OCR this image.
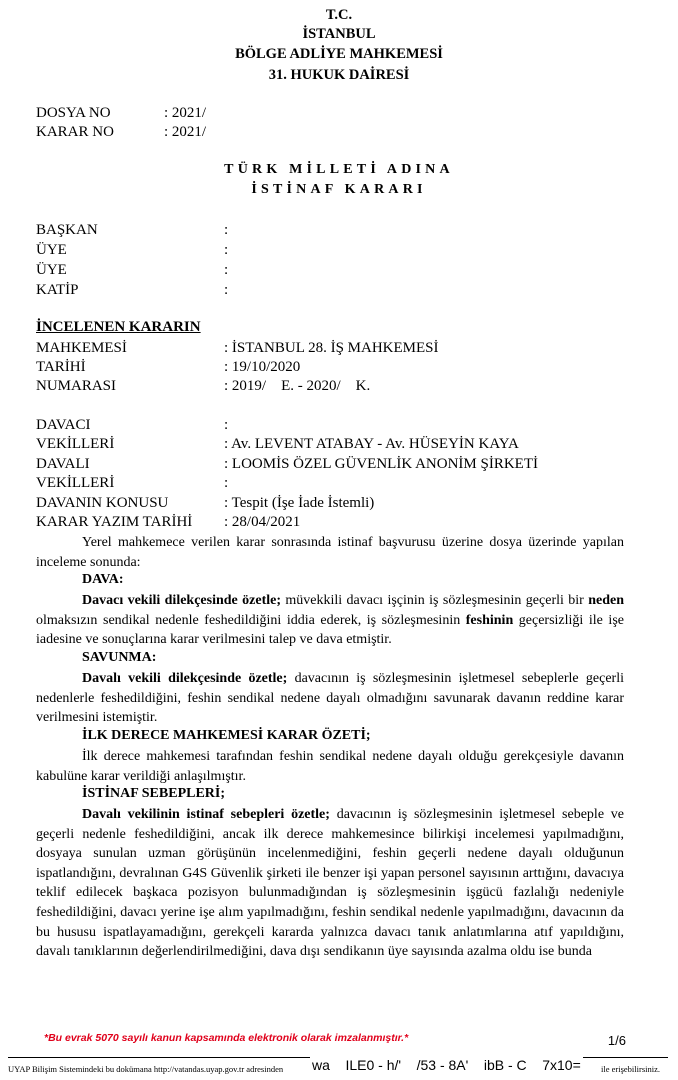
T.C.
İSTANBUL
BÖLGE ADLİYE MAHKEMESİ
31. HUKUK DAİRESİ
DOSYA NO	: 2021/
KARAR NO	: 2021/
TÜRK MİLLETİ ADINA
İSTİNAF KARARI
BAŞKAN	:
ÜYE	:
ÜYE	:
KATİP	:
İNCELENEN KARARIN
MAHKEMESİ	: İSTANBUL 28. İŞ MAHKEMESİ
TARİHİ	: 19/10/2020
NUMARASI	: 2019/    E. - 2020/    K.
DAVACI	:
VEKİLLERİ	: Av. LEVENT ATABAY - Av. HÜSEYİN KAYA
DAVALI	: LOOMİS ÖZEL GÜVENLİK ANONİM ŞİRKETİ
VEKİLLERİ	:
DAVANIN KONUSU	: Tespit (İşe İade İstemli)
KARAR YAZIM TARİHİ : 28/04/2021
Yerel mahkemece verilen karar sonrasında istinaf başvurusu üzerine dosya üzerinde yapılan inceleme sonunda:
DAVA:
Davacı vekili dilekçesinde özetle; müvekkili davacı işçinin iş sözleşmesinin geçerli bir neden olmaksızın sendikal nedenle feshedildiğini iddia ederek, iş sözleşmesinin feshinin geçersizliği ile işe iadesine ve sonuçlarına karar verilmesini talep ve dava etmiştir.
SAVUNMA:
Davalı vekili dilekçesinde özetle; davacının iş sözleşmesinin işletmesel sebeplerle geçerli nedenlerle feshedildiğini, feshin sendikal nedene dayalı olmadığını savunarak davanın reddine karar verilmesini istemiştir.
İLK DERECE MAHKEMESİ KARAR ÖZETİ;
İlk derece mahkemesi tarafından feshin sendikal nedene dayalı olduğu gerekçesiyle davanın kabulüne karar verildiği anlaşılmıştır.
İSTİNAF SEBEPLERİ;
Davalı vekilinin istinaf sebepleri özetle; davacının iş sözleşmesinin işletmesel sebeple ve geçerli nedenle feshedildiğini, ancak ilk derece mahkemesince bilirkişi incelemesi yapılmadığını, dosyaya sunulan uzman görüşünün incelenmediğini, feshin geçerli nedene dayalı olduğunun ispatlandığını, devralınan G4S Güvenlik şirketi ile benzer işi yapan personel sayısının arttığını, davacıya teklif edilecek başkaca pozisyon bulunmadığından iş sözleşmesinin işgücü fazlalığı nedeniyle feshedildiğini, davacı yerine işe alım yapılmadığını, feshin sendikal nedenle yapılmadığını, davacının da bu hususu ispatlayamadığını, gerekçeli kararda yalnızca davacı tanık anlatımlarına atıf yapıldığını, davalı tanıklarının değerlendirilmediğini, dava dışı sendikanın üye sayısında azalma oldu ise bunda
*Bu evrak 5070 sayılı kanun kapsamında elektronik olarak imzalanmıştır.*	1/6
UYAP Bilişim Sistemindeki bu dokümana http://vatandas.uyap.gov.tr adresinden wa    ILE0 - h/'    /53 - 8A'    ibB - C    7x10= ile erişebilirsiniz.
